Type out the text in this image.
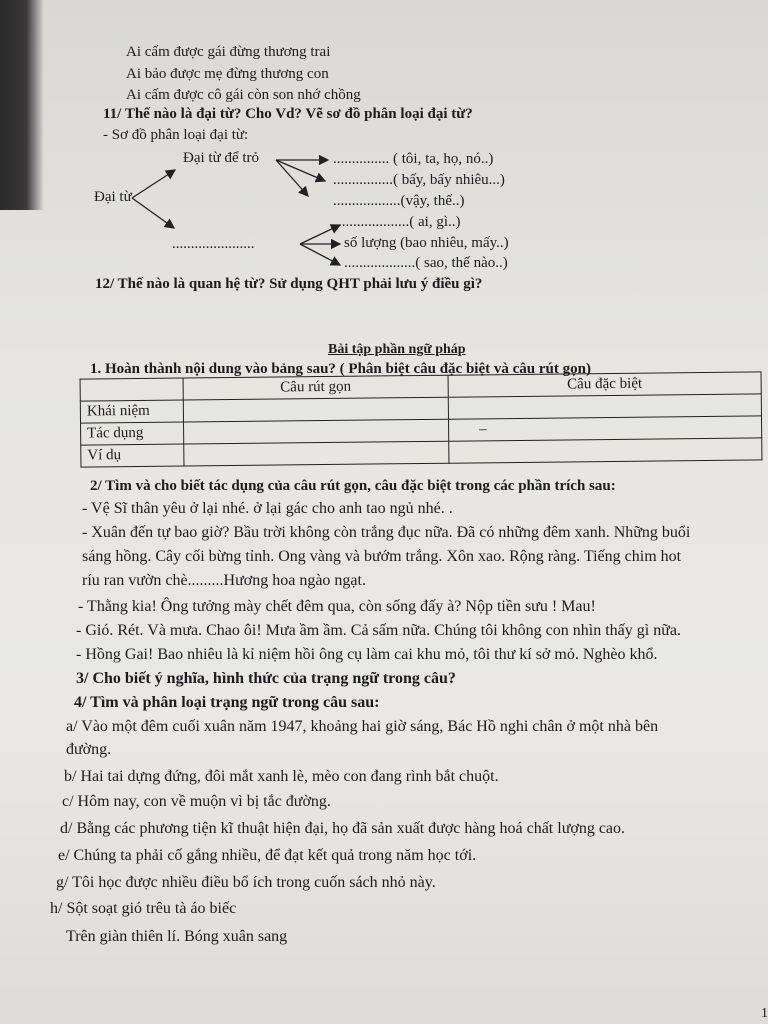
Ai cấm được gái đừng thương trai
Ai bảo được mẹ đừng thương con
Ai cấm được cô gái còn son nhớ chồng
11/ Thế nào là đại từ? Cho Vd? Vẽ sơ đồ phân loại đại từ?
- Sơ đồ phân loại đại từ:
Đại từ để trỏ
Đại từ
......................
............... ( tôi, ta, họ, nó..)
................( bấy, bấy nhiêu...)
..................(vậy, thế..)
...................( ai, gì..)
số lượng (bao nhiêu, mấy..)
...................( sao, thế nào..)
12/ Thế nào là quan hệ từ? Sử dụng QHT phải lưu ý điều gì?
Bài tập phần ngữ pháp
1. Hoàn thành nội dung vào bảng sau? ( Phân biệt câu đặc biệt và câu rút gọn)
	Câu rút gọn	Câu đặc biệt
Khái niệm		
Tác dụng		–
Ví dụ		
2/ Tìm và cho biết tác dụng của câu rút gọn, câu đặc biệt trong các phần trích sau:
- Vệ Sĩ thân yêu ở lại nhé. ở lại gác cho anh tao ngủ nhé. .
- Xuân đến tự bao giờ? Bầu trời không còn trắng đục nữa. Đã có những đêm xanh. Những buổi
sáng hồng. Cây cối bừng tỉnh. Ong vàng và bướm trắng. Xôn xao. Rộng ràng. Tiếng chim hot
ríu ran vườn chè.........Hương hoa ngào ngạt.
- Thằng kia! Ông tưởng mày chết đêm qua, còn sống đấy à? Nộp tiền sưu ! Mau!
- Gió. Rét. Và mưa. Chao ôi! Mưa ầm ầm. Cả sấm nữa. Chúng tôi không con nhìn thấy gì nữa.
- Hồng Gai! Bao nhiêu là kỉ niệm hồi ông cụ làm cai khu mỏ, tôi thư kí sở mỏ. Nghèo khổ.
3/ Cho biết ý nghĩa, hình thức của trạng ngữ trong câu?
4/ Tìm và phân loại trạng ngữ trong câu sau:
a/ Vào một đêm cuối xuân năm 1947, khoảng hai giờ sáng, Bác Hồ nghi chân ở một nhà bên
đường.
b/ Hai tai dựng đứng, đôi mắt xanh lè, mèo con đang rình bắt chuột.
c/ Hôm nay, con về muộn vì bị tắc đường.
d/ Bằng các phương tiện kĩ thuật hiện đại, họ đã sản xuất được hàng hoá chất lượng cao.
e/ Chúng ta phải cố gắng nhiều, để đạt kết quả trong năm học tới.
g/ Tôi học được nhiều điều bổ ích trong cuốn sách nhỏ này.
h/ Sột soạt gió trêu tà áo biếc
Trên giàn thiên lí. Bóng xuân sang
1
